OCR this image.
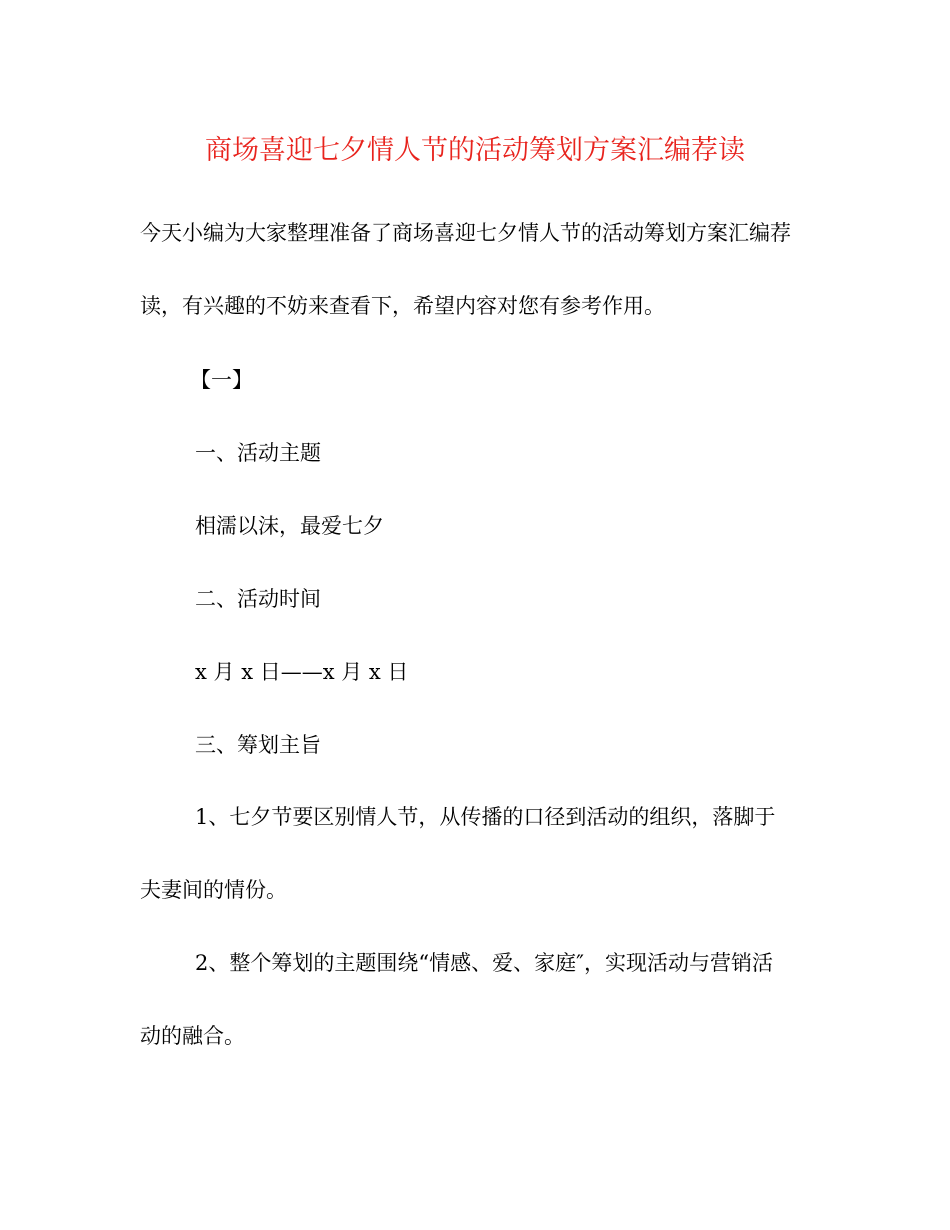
商场喜迎七夕情人节的活动筹划方案汇编荐读

今天小编为大家整理准备了商场喜迎七夕情人节的活动筹划方案汇编荐

读，有兴趣的不妨来查看下，希望内容对您有参考作用。

【一】

一、活动主题

相濡以沫，最爱七夕

二、活动时间

x 月 x 日——x 月 x 日

三、筹划主旨

1、七夕节要区别情人节，从传播的口径到活动的组织，落脚于

夫妻间的情份。

2、整个筹划的主题围绕“情感、爱、家庭″，实现活动与营销活

动的融合。
